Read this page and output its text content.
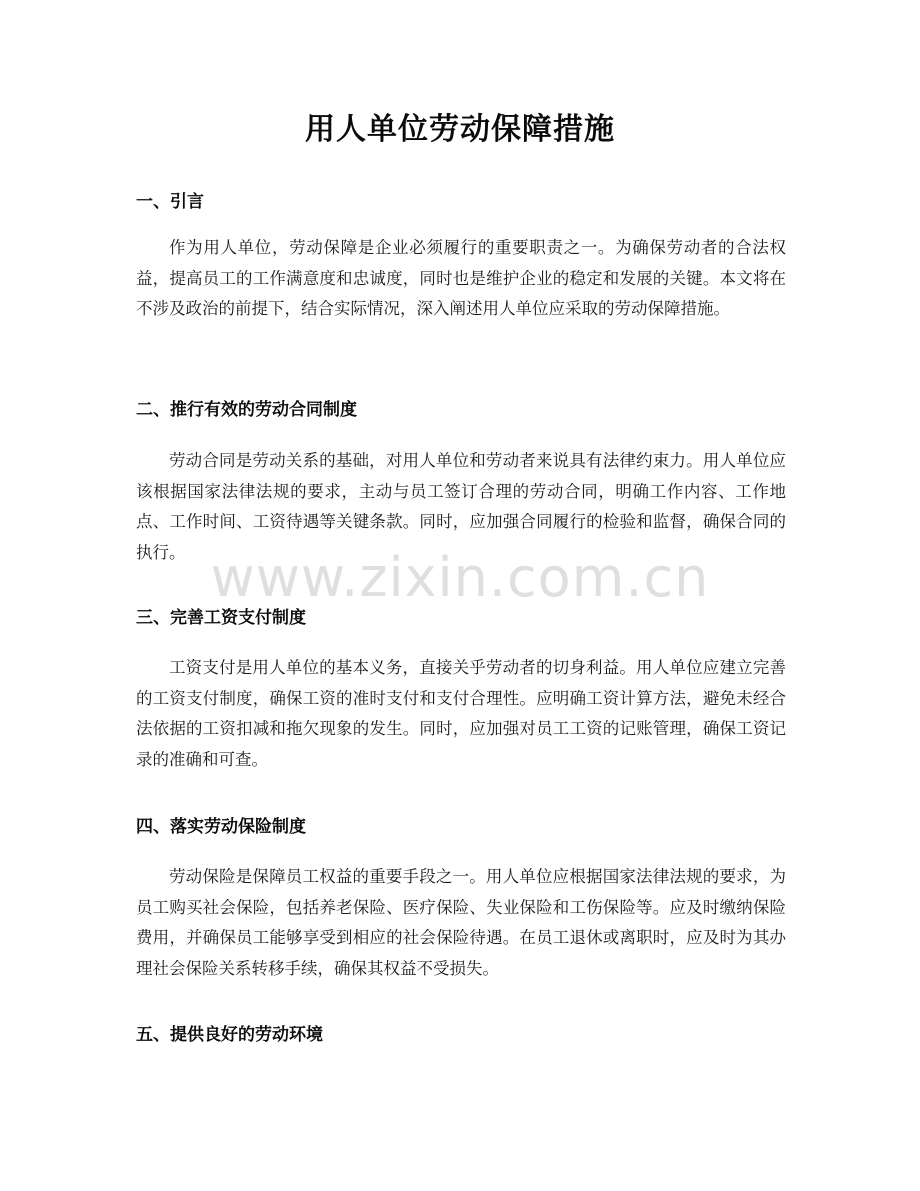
用人单位劳动保障措施
一、引言
作为用人单位，劳动保障是企业必须履行的重要职责之一。为确保劳动者的合法权益，提高员工的工作满意度和忠诚度，同时也是维护企业的稳定和发展的关键。本文将在不涉及政治的前提下，结合实际情况，深入阐述用人单位应采取的劳动保障措施。
二、推行有效的劳动合同制度
劳动合同是劳动关系的基础，对用人单位和劳动者来说具有法律约束力。用人单位应该根据国家法律法规的要求，主动与员工签订合理的劳动合同，明确工作内容、工作地点、工作时间、工资待遇等关键条款。同时，应加强合同履行的检验和监督，确保合同的执行。
三、完善工资支付制度
工资支付是用人单位的基本义务，直接关乎劳动者的切身利益。用人单位应建立完善的工资支付制度，确保工资的准时支付和支付合理性。应明确工资计算方法，避免未经合法依据的工资扣减和拖欠现象的发生。同时，应加强对员工工资的记账管理，确保工资记录的准确和可查。
四、落实劳动保险制度
劳动保险是保障员工权益的重要手段之一。用人单位应根据国家法律法规的要求，为员工购买社会保险，包括养老保险、医疗保险、失业保险和工伤保险等。应及时缴纳保险费用，并确保员工能够享受到相应的社会保险待遇。在员工退休或离职时，应及时为其办理社会保险关系转移手续，确保其权益不受损失。
五、提供良好的劳动环境
www.zixin.com.cn
